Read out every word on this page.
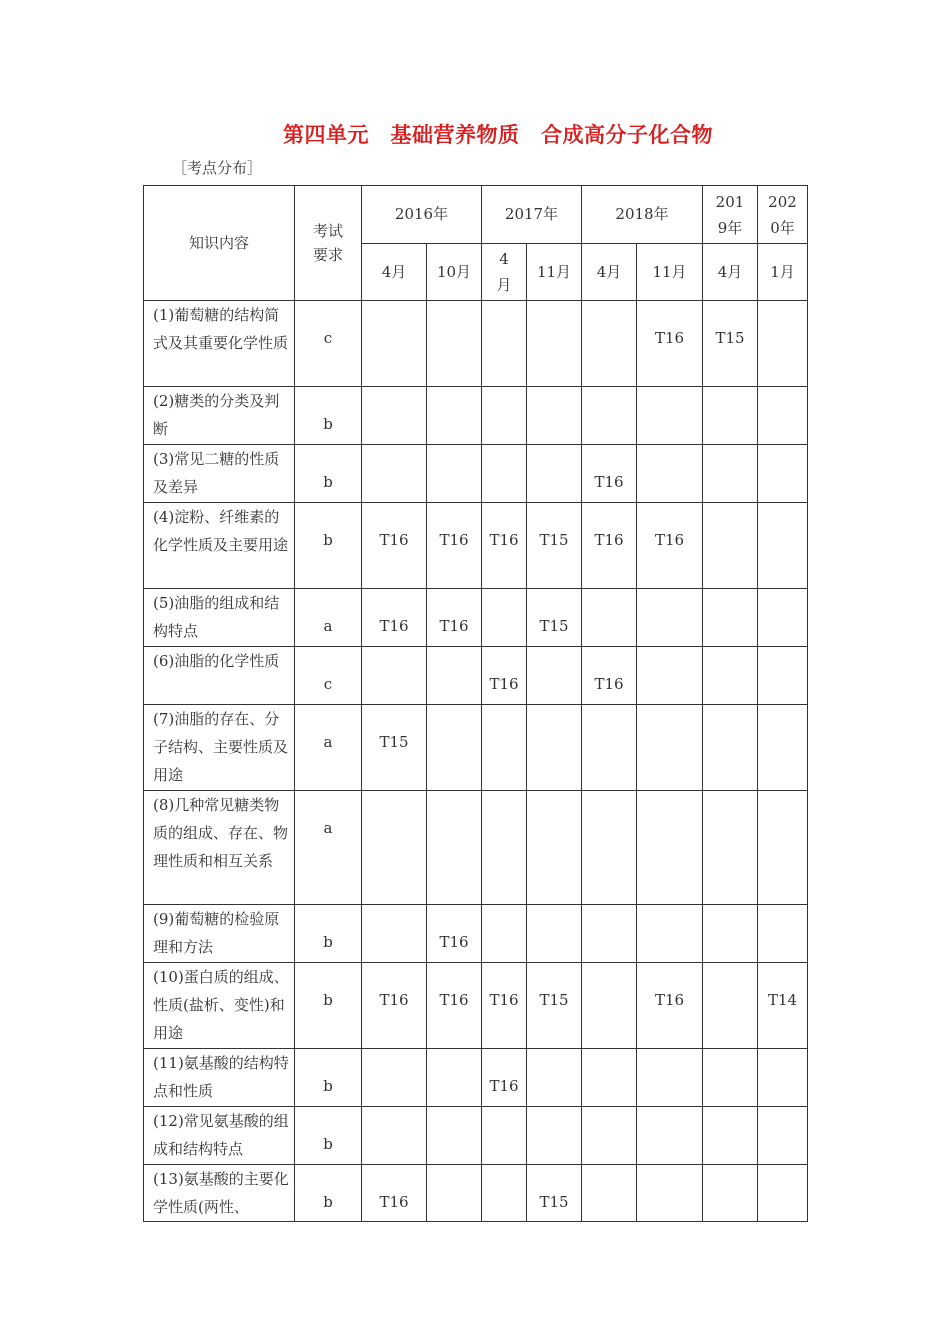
第四单元　基础营养物质　合成高分子化合物
［考点分布］
知识内容	考试要求	2016年		2017年		2018年		2019年	2020年
		4月	10月	4月	11月	4月	11月	4月	1月
(1)葡萄糖的结构简式及其重要化学性质	c						T16	T15	
(2)糖类的分类及判断	b								
(3)常见二糖的性质及差异	b					T16			
(4)淀粉、纤维素的化学性质及主要用途	b	T16	T16	T16	T15	T16	T16		
(5)油脂的组成和结构特点	a	T16	T16		T15				
(6)油脂的化学性质	c			T16		T16			
(7)油脂的存在、分子结构、主要性质及用途	a	T15							
(8)几种常见糖类物质的组成、存在、物理性质和相互关系	a								
(9)葡萄糖的检验原理和方法	b		T16						
(10)蛋白质的组成、性质(盐析、变性)和用途	b	T16	T16	T16	T15		T16		T14
(11)氨基酸的结构特点和性质	b			T16					
(12)常见氨基酸的组成和结构特点	b								
(13)氨基酸的主要化学性质(两性、	b	T16			T15				
